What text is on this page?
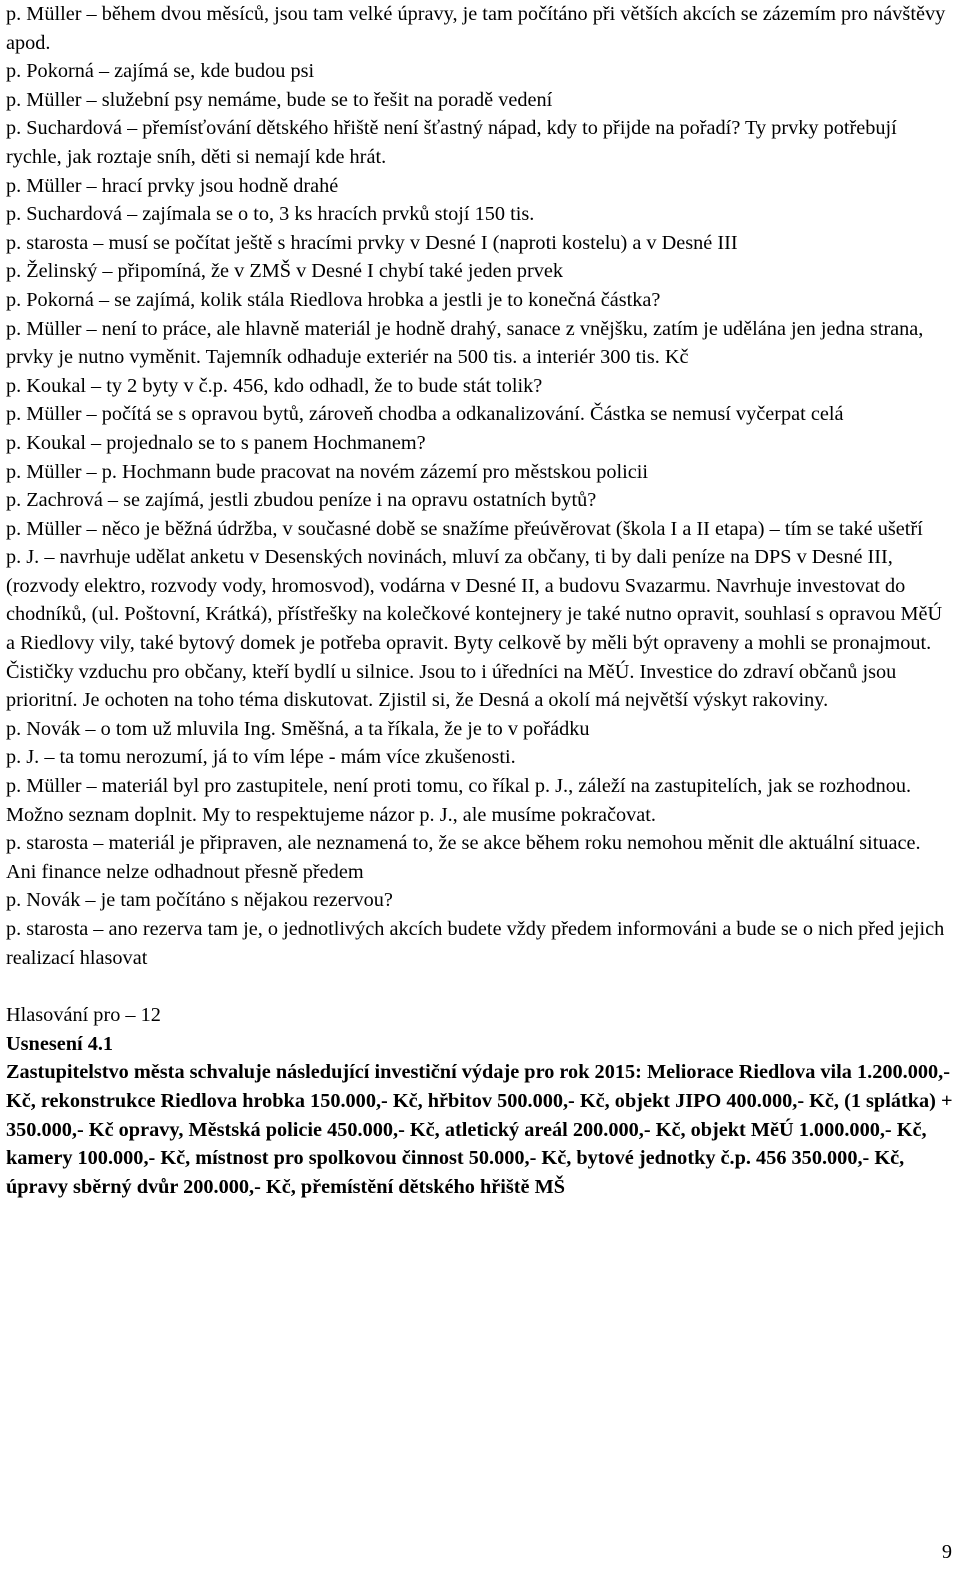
p. Müller – během dvou měsíců, jsou tam velké úpravy, je tam počítáno při větších akcích se zázemím pro návštěvy apod.
p. Pokorná – zajímá se, kde budou psi
p. Müller – služební psy nemáme, bude se to řešit na poradě vedení
p. Suchardová – přemísťování dětského hřiště není šťastný nápad, kdy to přijde na pořadí? Ty prvky potřebují rychle, jak roztaje sníh, děti si nemají kde hrát.
p. Müller – hrací prvky jsou hodně drahé
p. Suchardová – zajímala se o to, 3 ks hracích prvků stojí 150 tis.
p. starosta – musí se počítat ještě s hracími prvky v Desné I (naproti kostelu) a v Desné III
p. Želinský – připomíná, že v ZMŠ v Desné I chybí také jeden prvek
p. Pokorná – se zajímá, kolik stála Riedlova hrobka a jestli je to konečná částka?
p. Müller – není to práce, ale hlavně materiál je hodně drahý, sanace z vnějšku, zatím je udělána jen jedna strana, prvky je nutno vyměnit. Tajemník odhaduje exteriér na 500 tis. a interiér 300 tis. Kč
p. Koukal – ty 2 byty v č.p. 456, kdo odhadl, že to bude stát tolik?
p. Müller – počítá se s opravou bytů, zároveň chodba a odkanalizování. Částka se nemusí vyčerpat celá
p. Koukal – projednalo se to s panem Hochmanem?
p. Müller – p. Hochmann bude pracovat na novém zázemí pro městskou policii
p. Zachrová – se zajímá, jestli zbudou peníze i na opravu ostatních bytů?
p. Müller – něco je běžná údržba, v současné době se snažíme přeúvěrovat (škola I a II etapa) – tím se také ušetří
p. J. – navrhuje udělat anketu v Desenských novinách, mluví za občany, ti by dali peníze na DPS v Desné III, (rozvody elektro, rozvody vody, hromosvod), vodárna v Desné II, a budovu Svazarmu. Navrhuje investovat do chodníků, (ul. Poštovní, Krátká), přístřešky na kolečkové kontejnery je také nutno opravit, souhlasí s opravou MěÚ a Riedlovy vily, také bytový domek je potřeba opravit. Byty celkově by měli být opraveny a mohli se pronajmout. Čističky vzduchu pro občany, kteří bydlí u silnice. Jsou to i úředníci na MěÚ. Investice do zdraví občanů jsou prioritní. Je ochoten na toho téma diskutovat. Zjistil si, že Desná a okolí má největší výskyt rakoviny.
p. Novák – o tom už mluvila Ing. Směšná, a ta říkala, že je to v pořádku
p. J. – ta tomu nerozumí, já to vím lépe - mám více zkušenosti.
p. Müller – materiál byl pro zastupitele, není proti tomu, co říkal p. J., záleží na zastupitelích, jak se rozhodnou. Možno seznam doplnit. My to respektujeme názor p. J., ale musíme pokračovat.
p. starosta – materiál je připraven, ale neznamená to, že se akce během roku nemohou měnit dle aktuální situace. Ani finance nelze odhadnout přesně předem
p. Novák – je tam počítáno s nějakou rezervou?
p. starosta – ano rezerva tam je, o jednotlivých akcích budete vždy předem informováni a bude se o nich před jejich realizací hlasovat
Hlasování pro – 12
Usnesení 4.1
Zastupitelstvo města schvaluje následující investiční výdaje pro rok 2015: Meliorace Riedlova vila 1.200.000,- Kč, rekonstrukce Riedlova hrobka 150.000,- Kč, hřbitov 500.000,- Kč, objekt JIPO 400.000,- Kč, (1 splátka) + 350.000,- Kč opravy, Městská policie 450.000,- Kč, atletický areál 200.000,- Kč, objekt MěÚ 1.000.000,- Kč, kamery 100.000,- Kč, místnost pro spolkovou činnost 50.000,- Kč, bytové jednotky č.p. 456 350.000,- Kč, úpravy sběrný dvůr 200.000,- Kč, přemístění dětského hřiště MŠ
9
